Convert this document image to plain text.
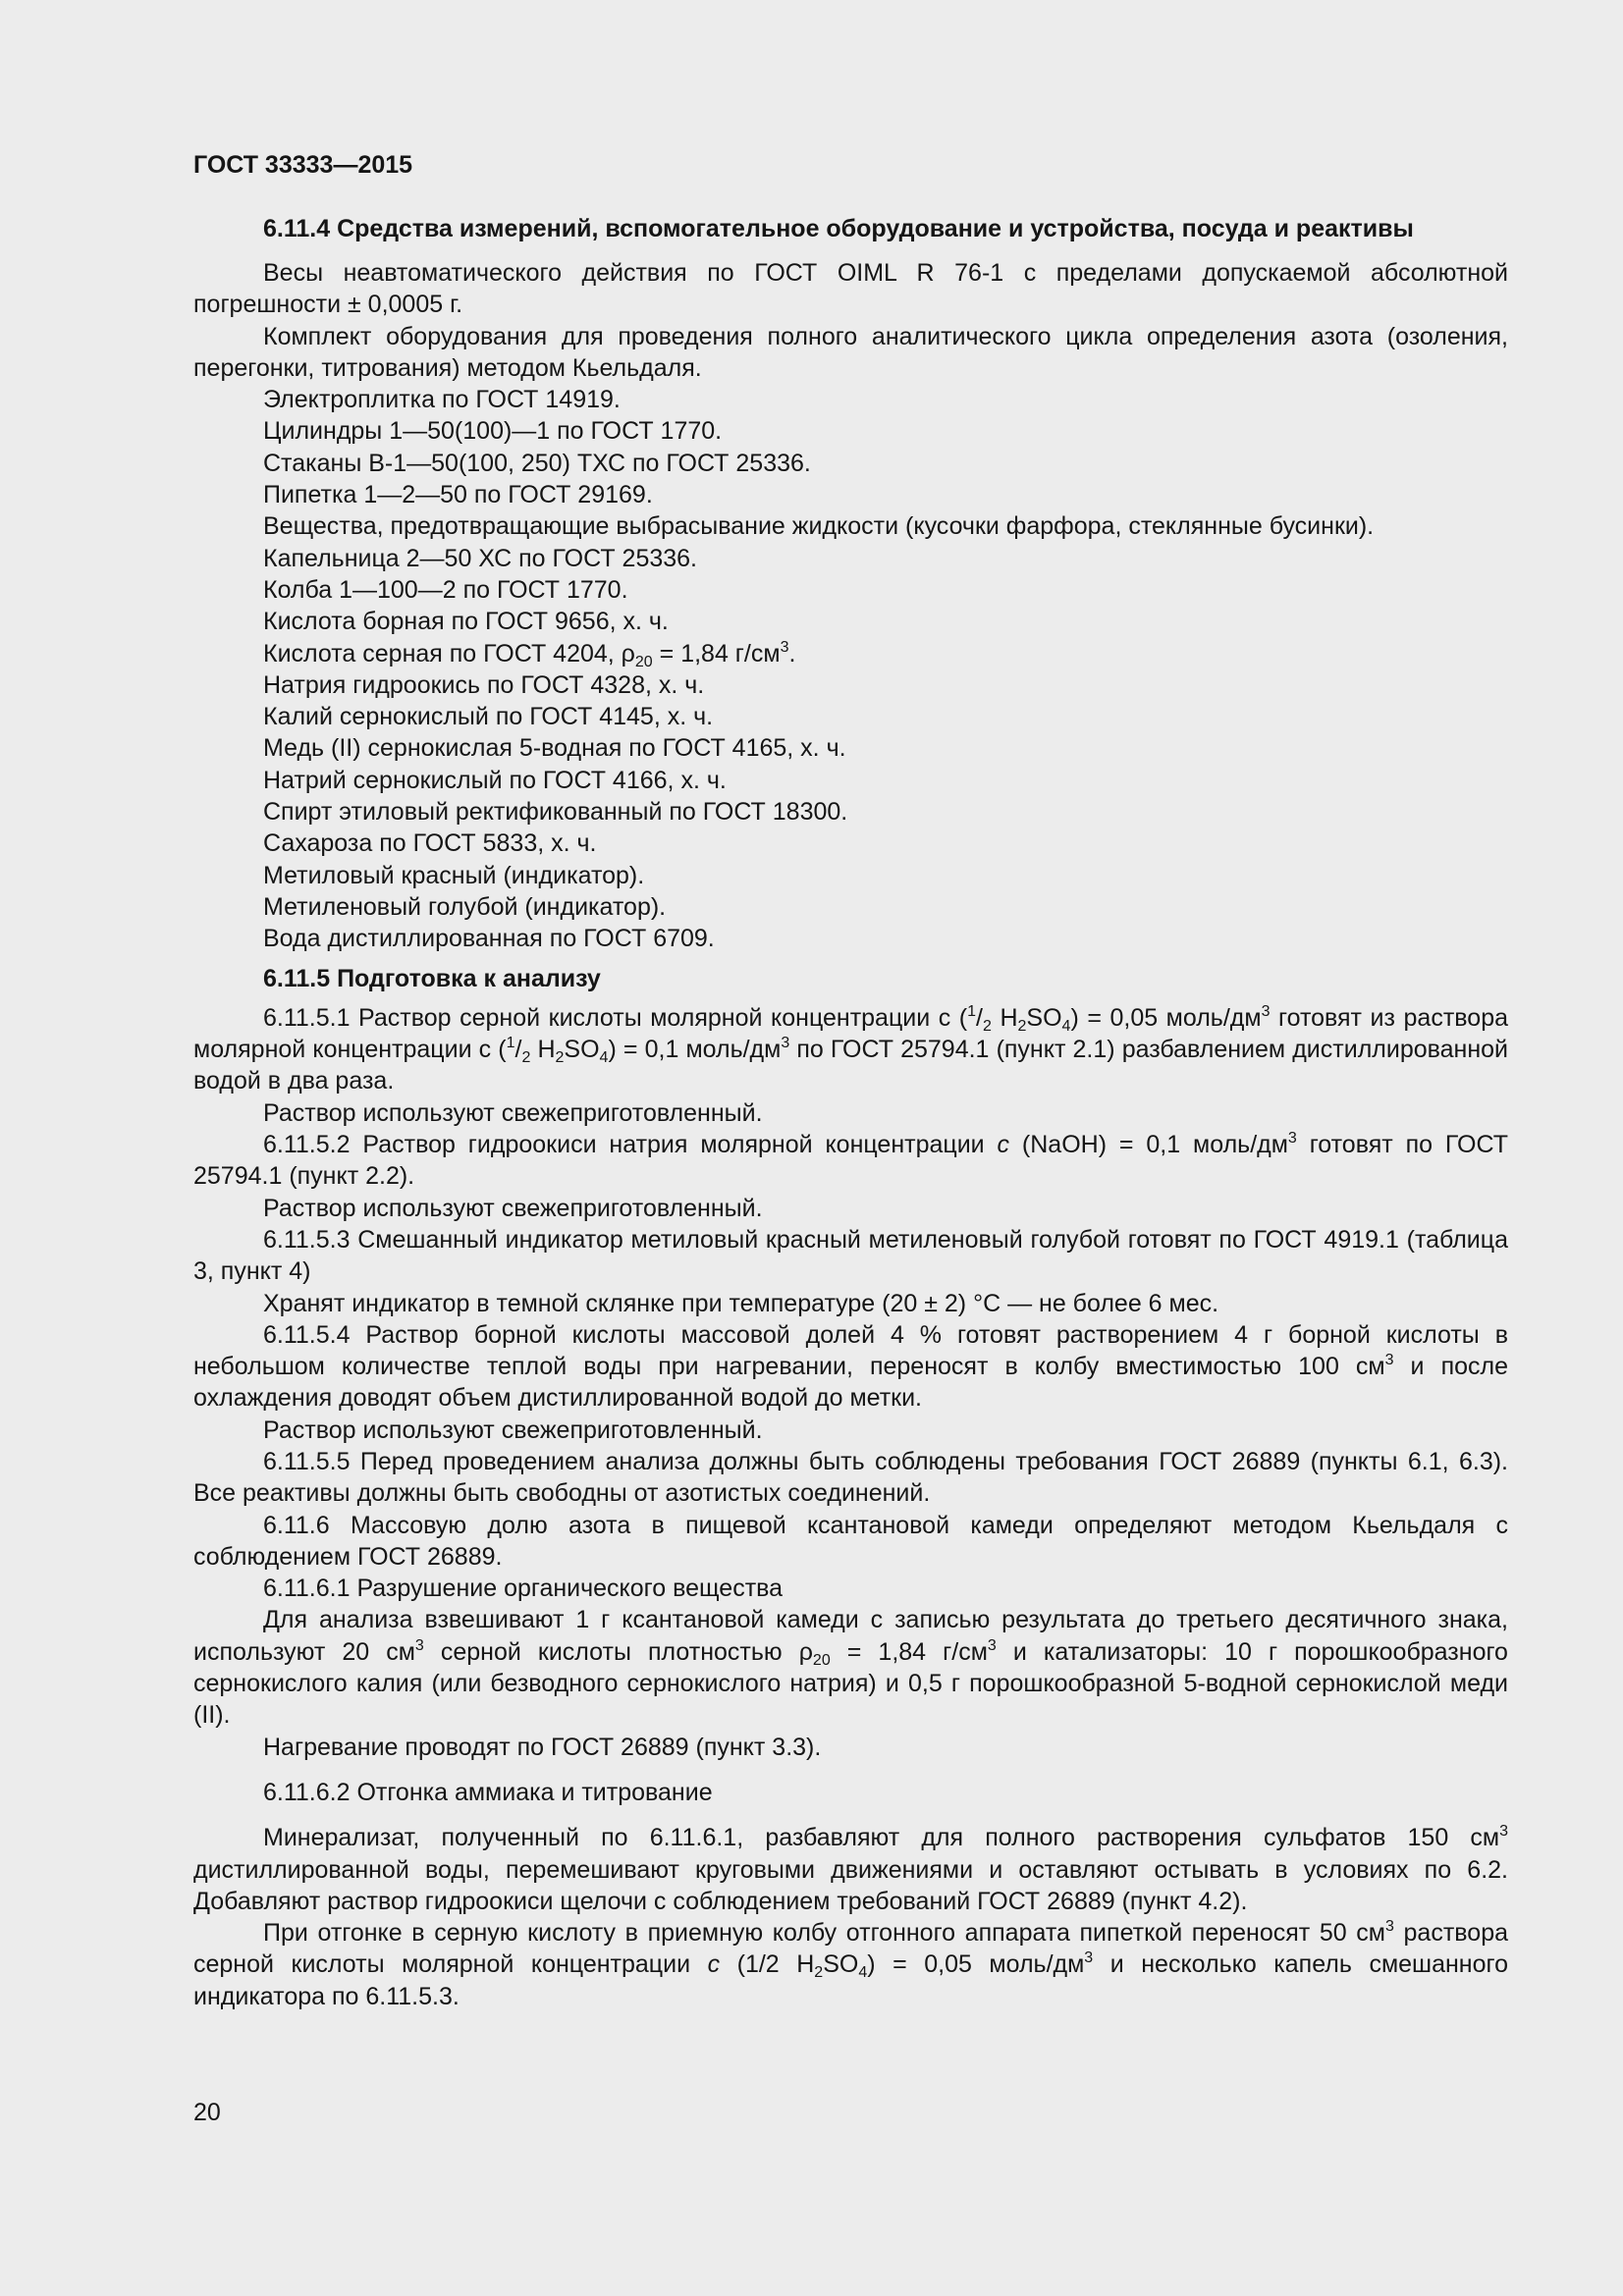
ГОСТ 33333—2015
6.11.4 Средства измерений, вспомогательное оборудование и устройства, посуда и реактивы

Весы неавтоматического действия по ГОСТ OIML R 76-1 с пределами допускаемой абсолютной погрешности ± 0,0005 г.

Комплект оборудования для проведения полного аналитического цикла определения азота (озоления, перегонки, титрования) методом Кьельдаля.

Электроплитка по ГОСТ 14919.

Цилиндры 1—50(100)—1 по ГОСТ 1770.

Стаканы В-1—50(100, 250) ТХС по ГОСТ 25336.

Пипетка 1—2—50 по ГОСТ 29169.

Вещества, предотвращающие выбрасывание жидкости (кусочки фарфора, стеклянные бусинки).

Капельница 2—50 ХС по ГОСТ 25336.

Колба 1—100—2 по ГОСТ 1770.

Кислота борная по ГОСТ 9656, х. ч.

Кислота серная по ГОСТ 4204, $\rho_{20} = 1,84$ $г/см^3$.

Натрия гидроокись по ГОСТ 4328, х. ч.

Калий сернокислый по ГОСТ 4145, х. ч.

Медь (II) сернокислая 5-водная по ГОСТ 4165, х. ч.

Натрий сернокислый по ГОСТ 4166, х. ч.

Спирт этиловый ректификованный по ГОСТ 18300.

Сахароза по ГОСТ 5833, х. ч.

Метиловый красный (индикатор).

Метиленовый голубой (индикатор).

Вода дистиллированная по ГОСТ 6709.

6.11.5 Подготовка к анализу

6.11.5.1 Раствор серной кислоты молярной концентрации с ($^1/_2$ $H_2SO_4) = 0,05$ моль/$дм^3$ готовят из раствора молярной концентрации с ($^1/_2$ $H_2SO_4) = 0,1$ моль/$дм^3$ по ГОСТ 25794.1 (пункт 2.1) разбавлением дистиллированной водой в два раза.

Раствор используют свежеприготовленный.

6.11.5.2 Раствор гидроокиси натрия молярной концентрации с (NaOH) = 0,1 моль/$дм^3$ готовят по ГОСТ 25794.1 (пункт 2.2).

Раствор используют свежеприготовленный.

6.11.5.3 Смешанный индикатор метиловый красный метиленовый голубой готовят по ГОСТ 4919.1 (таблица 3, пункт 4)

Хранят индикатор в темной склянке при температуре (20 ± 2) °С — не более 6 мес.

6.11.5.4 Раствор борной кислоты массовой долей 4 % готовят растворением 4 г борной кислоты в небольшом количестве теплой воды при нагревании, переносят в колбу вместимостью 100 $см^3$ и после охлаждения доводят объем дистиллированной водой до метки.

Раствор используют свежеприготовленный.

6.11.5.5 Перед проведением анализа должны быть соблюдены требования ГОСТ 26889 (пункты 6.1, 6.3). Все реактивы должны быть свободны от азотистых соединений.

6.11.6 Массовую долю азота в пищевой ксантановой камеди определяют методом Кьельдаля с соблюдением ГОСТ 26889.

6.11.6.1 Разрушение органического вещества

Для анализа взвешивают 1 г ксантановой камеди с записью результата до третьего десятичного знака, используют 20 $см^3$ серной кислоты плотностью $\rho_{20} = 1,84$ $г/см^3$ и катализаторы: 10 г порошкообразного сернокислого калия (или безводного сернокислого натрия) и 0,5 г порошкообразной 5-водной сернокислой меди (II).

Нагревание проводят по ГОСТ 26889 (пункт 3.3).

6.11.6.2 Отгонка аммиака и титрование

Минерализат, полученный по 6.11.6.1, разбавляют для полного растворения сульфатов 150 $см^3$ дистиллированной воды, перемешивают круговыми движениями и оставляют остывать в условиях по 6.2. Добавляют раствор гидроокиси щелочи с соблюдением требований ГОСТ 26889 (пункт 4.2).

При отгонке в серную кислоту в приемную колбу отгонного аппарата пипеткой переносят 50 $см^3$ раствора серной кислоты молярной концентрации с (1/2 $H_2SO_4) = 0,05$ моль/$дм^3$ и несколько капель смешанного индикатора по 6.11.5.3.

20
